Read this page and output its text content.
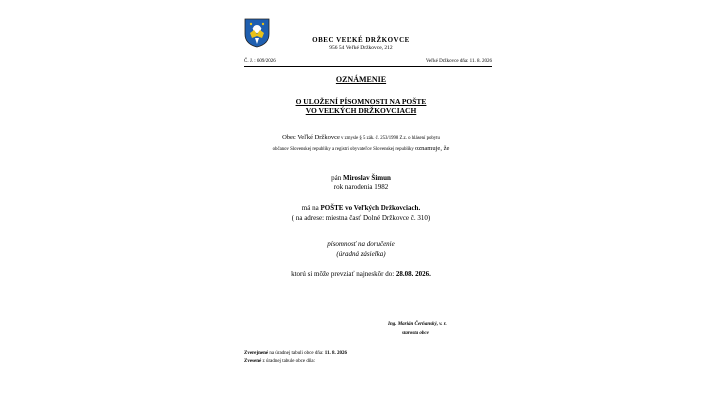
OBEC VEĽKÉ DRŽKOVCE
956 54 Veľké Držkovce, 212
Č. J. : 609/2026	Veľké Držkovce dňa: 11. 8. 2026
OZNÁMENIE
O ULOŽENÍ PÍSOMNOSTI NA POŠTE
VO VEĽKÝCH DRŽKOVCIACH
Obec Veľké Držkovce v zmysle § 5 zák. č. 253/1998 Z.z. o hlásení pobytu
občanov Slovenskej republiky a registri obyvateľov Slovenskej republiky oznamuje, že
pán Miroslav Šimun
rok narodenia 1982
má na POŠTE vo Veľkých Držkovciach.
( na adrese: miestna časť Dolné Držkovce č. 310)
písomnosť na doručenie
(úradná zásielka)
ktorú si môže prevziať najneskôr do: 28.08. 2026.
Ing. Marián Čerňanský, v. r.
starosta obce
Zverejnené na úradnej tabuli obce dňa: 11. 8. 2026
Zvesené z úradnej tabule obce dňa:
